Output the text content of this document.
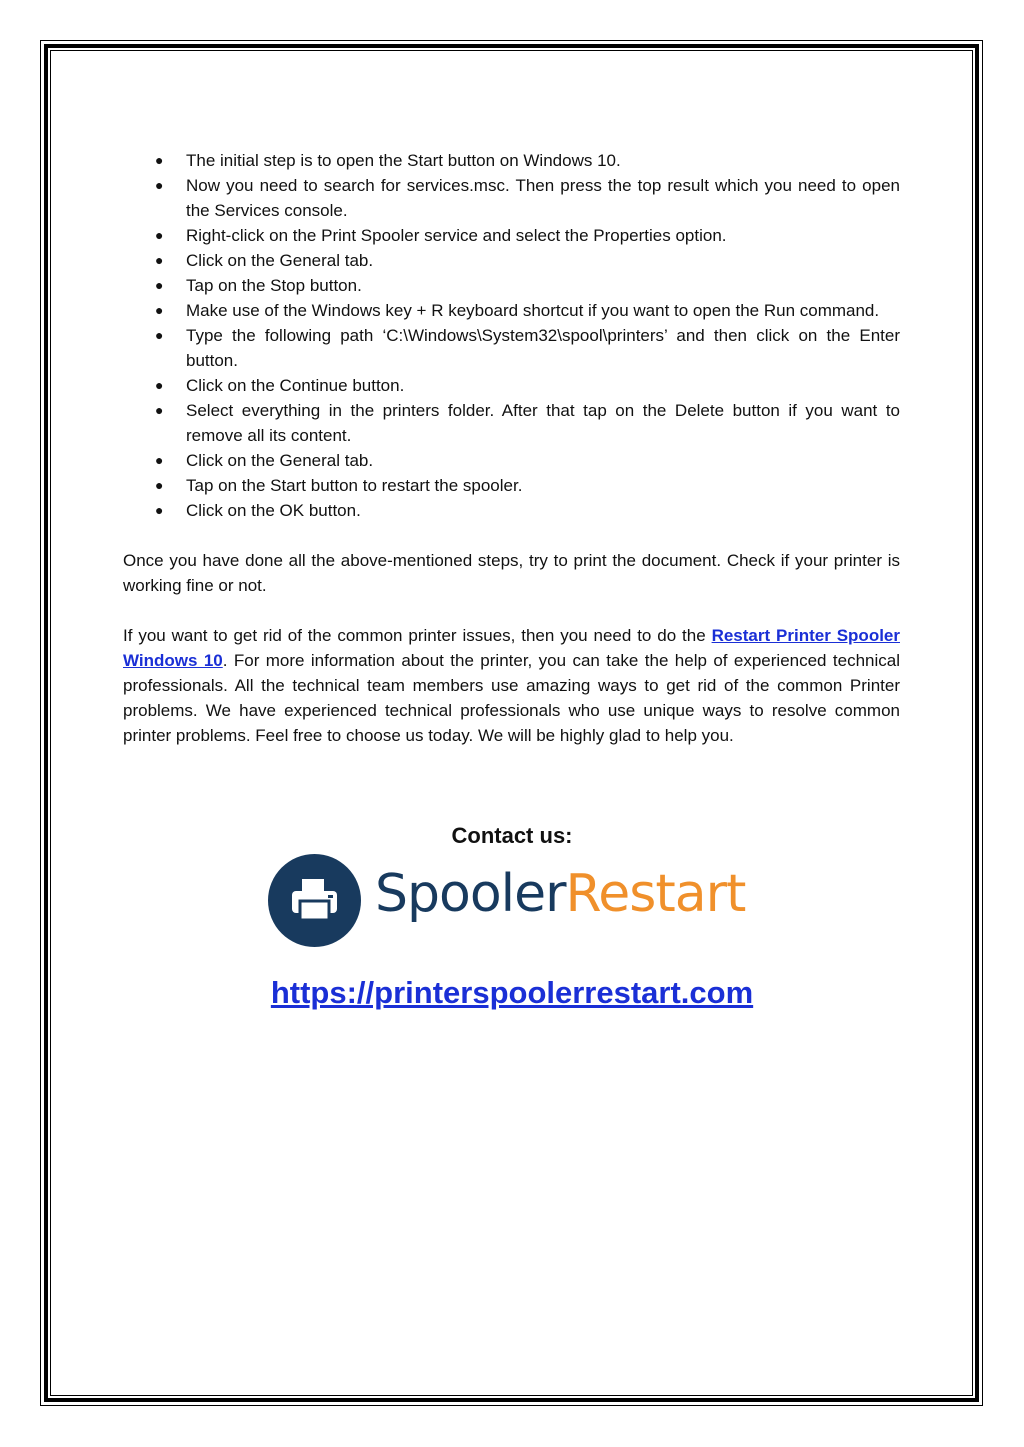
● The initial step is to open the Start button on Windows 10.
● Now you need to search for services.msc. Then press the top result which you need to open the Services console.
● Right-click on the Print Spooler service and select the Properties option.
● Click on the General tab.
● Tap on the Stop button.
● Make use of the Windows key + R keyboard shortcut if you want to open the Run command.
● Type the following path ‘C:\Windows\System32\spool\printers’ and then click on the Enter button.
● Click on the Continue button.
● Select everything in the printers folder. After that tap on the Delete button if you want to remove all its content.
● Click on the General tab.
● Tap on the Start button to restart the spooler.
● Click on the OK button.

Once you have done all the above-mentioned steps, try to print the document. Check if your printer is working fine or not.

If you want to get rid of the common printer issues, then you need to do the Restart Printer Spooler Windows 10. For more information about the printer, you can take the help of experienced technical professionals. All the technical team members use amazing ways to get rid of the common Printer problems. We have experienced technical professionals who use unique ways to resolve common printer problems. Feel free to choose us today. We will be highly glad to help you.

Contact us:
SpoolerRestart
https://printerspoolerrestart.com
